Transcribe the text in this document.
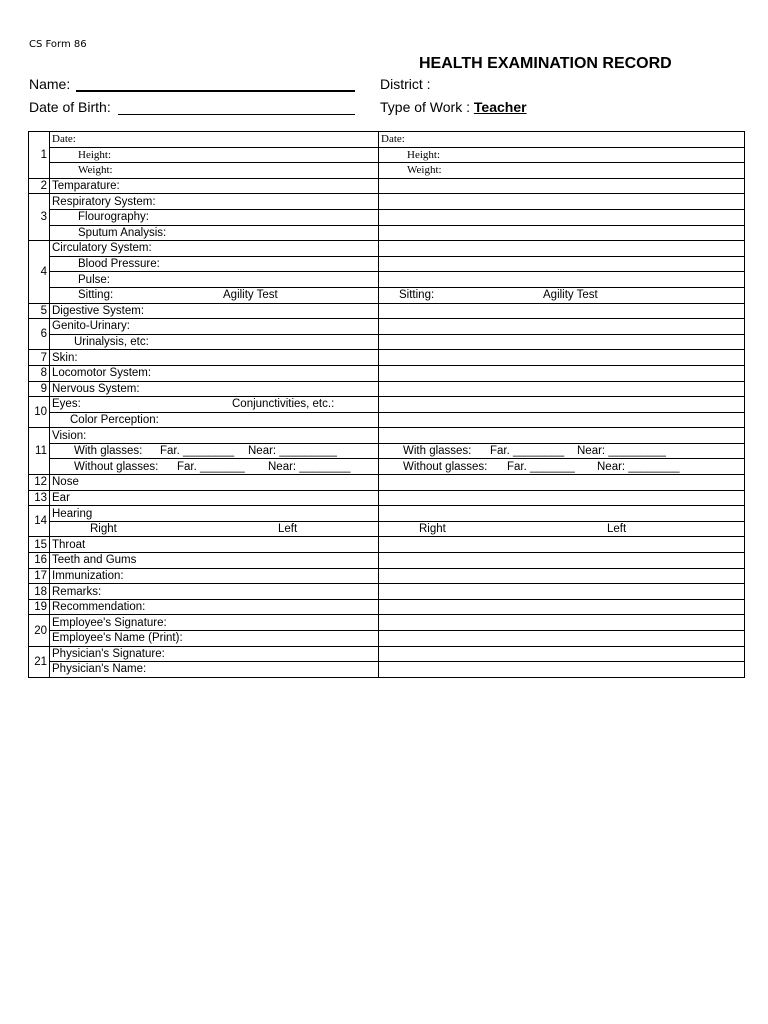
CS Form 86
HEALTH EXAMINATION RECORD
Name:
Date of Birth:
District :
Type of Work : Teacher
1	Date:	Date:
	Height:	Height:
	Weight:	Weight:
2	Temparature:	
3	Respiratory System:	
	Flourography:	
	Sputum Analysis:	
4	Circulatory System:	
	Blood Pressure:	
	Pulse:	

	Sitting: Agility Test	Sitting: Agility Test

5	Digestive System:	
6	Genito-Urinary:	
	Urinalysis, etc:	
7	Skin:	
8	Locomotor System:	
9	Nervous System:	
10	Eyes: Conjunctivities, etc.:	

	Color Perception:	
11	Vision:	

	With glasses: Far. ________ Near: _________	With glasses: Far. ________ Near: _________

	Without glasses: Far. _______ Near: ________	Without glasses: Far. _______ Near: ________

12	Nose	
13	Ear	
14	Hearing	

	Right Left	Right Left

15	Throat	
16	Teeth and Gums	
17	Immunization:	
18	Remarks:	
19	Recommendation:	
20	Employee's Signature:	
	Employee's Name (Print):	
21	Physician's Signature:	
	Physician's Name:	
